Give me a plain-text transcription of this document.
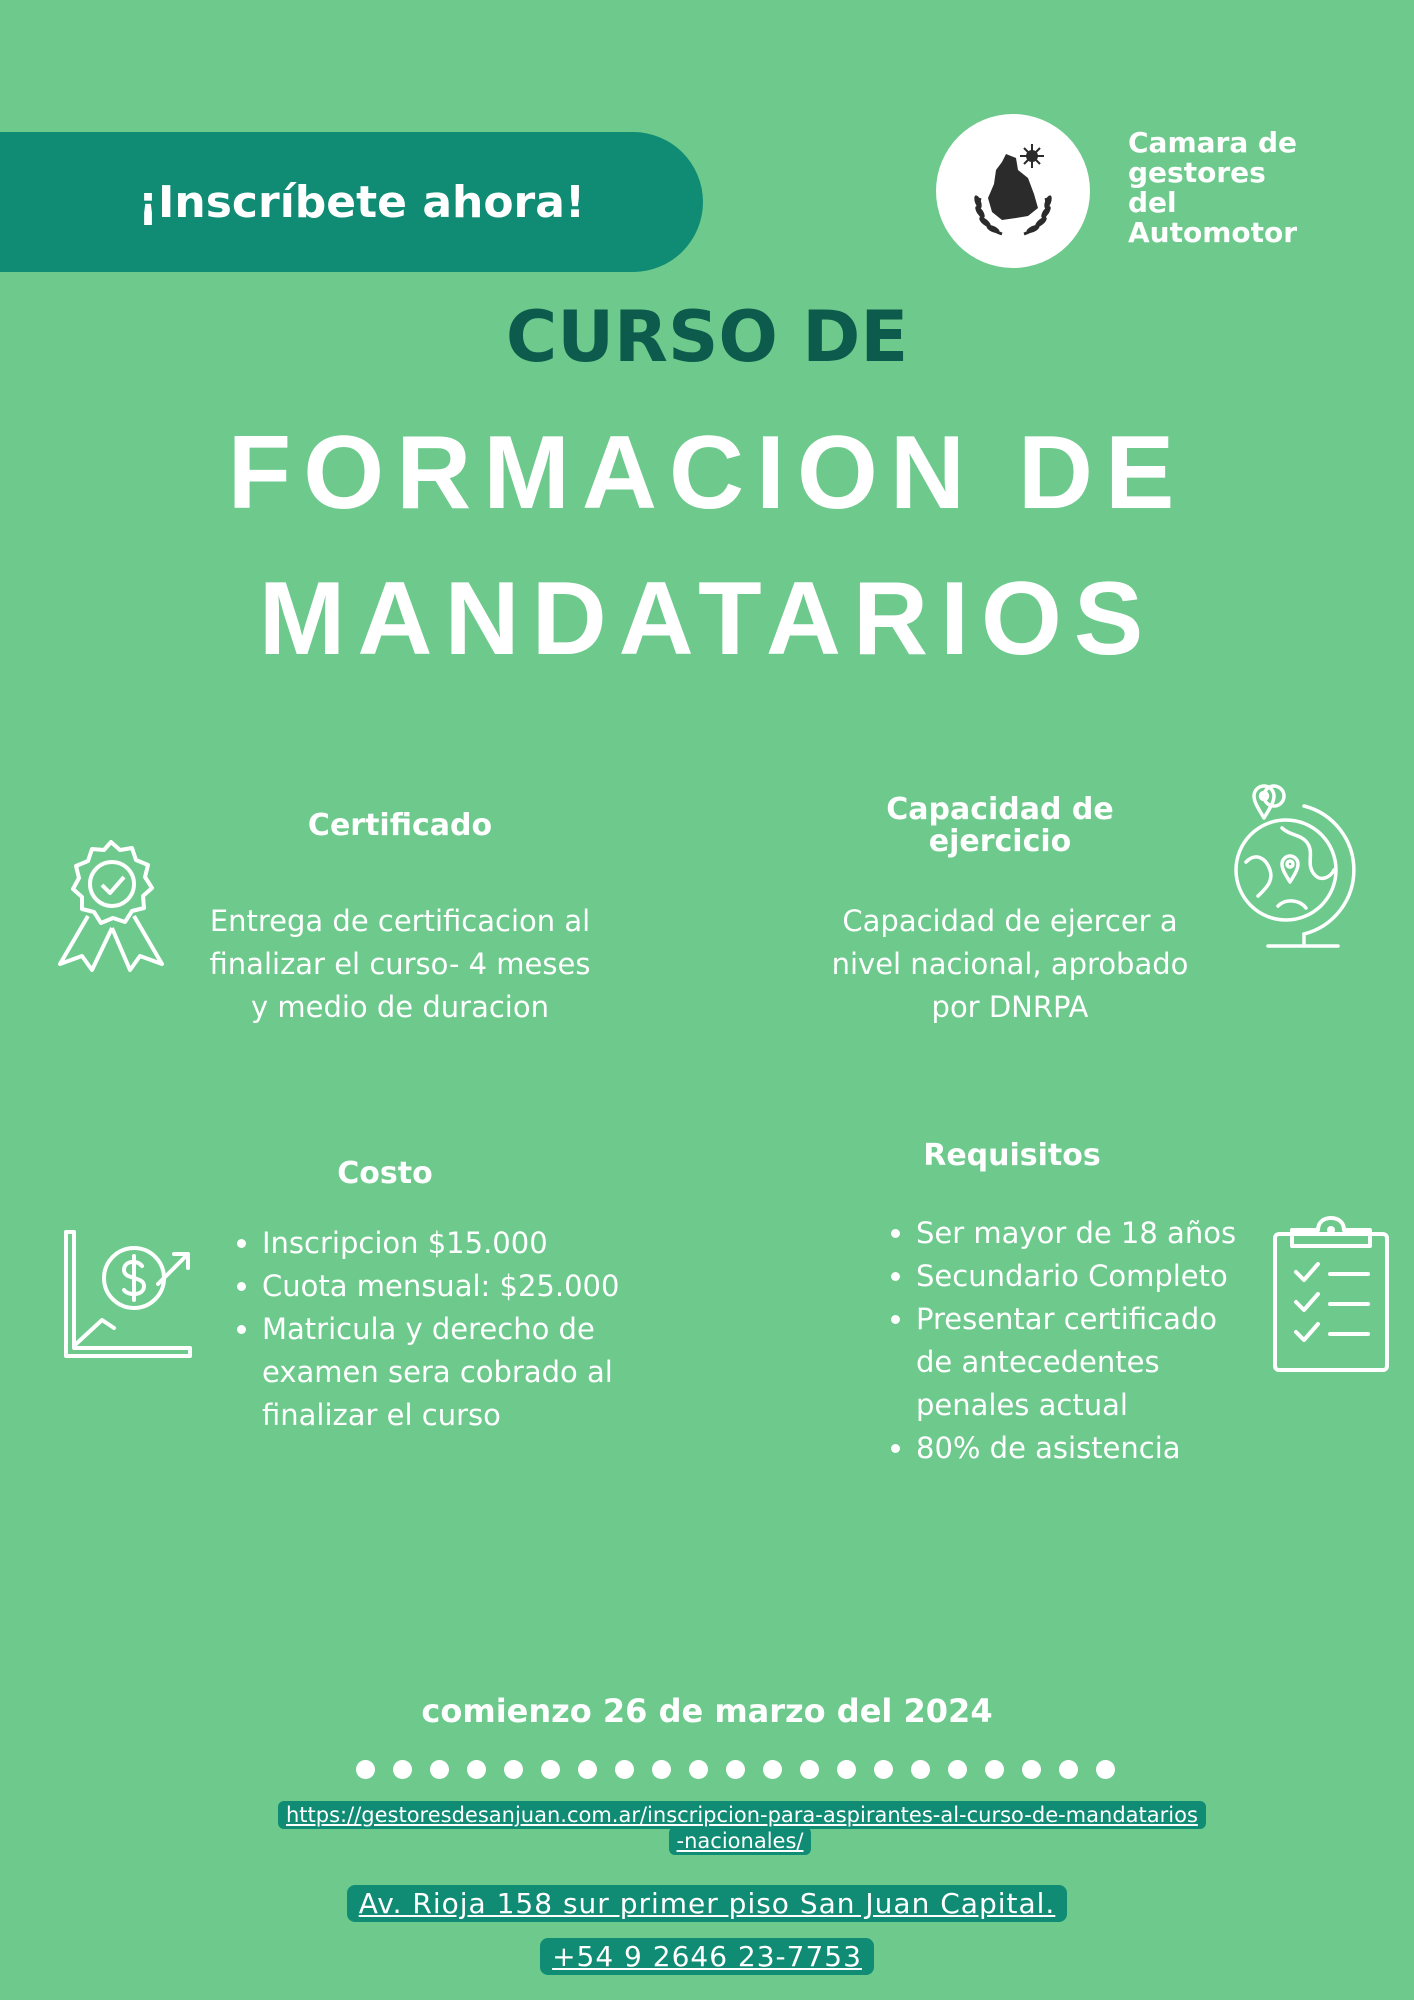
¡Inscríbete ahora!
Camara de
gestores
del
Automotor
CURSO DE
FORMACION DE
MANDATARIOS
Certificado
Entrega de certificacion al finalizar el curso- 4 meses y medio de duracion
Capacidad de ejercicio
Capacidad de ejercer a nivel nacional, aprobado por DNRPA
Costo
• Inscripcion $15.000
• Cuota mensual: $25.000
• Matricula y derecho de examen sera cobrado al finalizar el curso
Requisitos
• Ser mayor de 18 años
• Secundario Completo
• Presentar certificado de antecedentes penales actual
• 80% de asistencia
comienzo 26 de marzo del 2024
https://gestoresdesanjuan.com.ar/inscripcion-para-aspirantes-al-curso-de-mandatarios-nacionales/
Av. Rioja 158 sur primer piso San Juan Capital.
+54 9 2646 23-7753
